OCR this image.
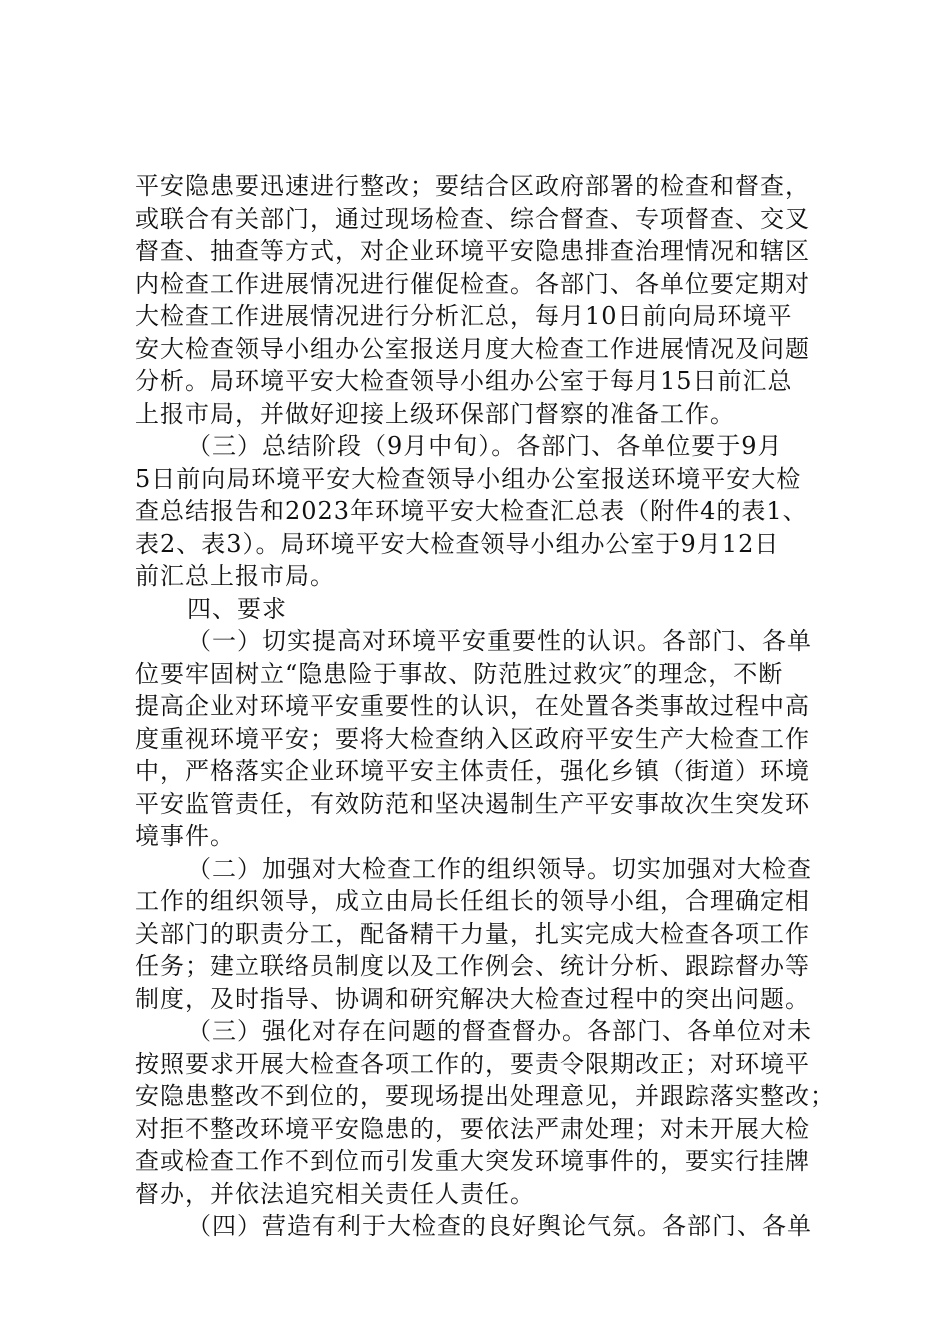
平安隐患要迅速进行整改；要结合区政府部署的检查和督查，
或联合有关部门，通过现场检查、综合督查、专项督查、交叉
督查、抽查等方式，对企业环境平安隐患排查治理情况和辖区
内检查工作进展情况进行催促检查。各部门、各单位要定期对
大检查工作进展情况进行分析汇总，每月10日前向局环境平
安大检查领导小组办公室报送月度大检查工作进展情况及问题
分析。局环境平安大检查领导小组办公室于每月15日前汇总
上报市局，并做好迎接上级环保部门督察的准备工作。
（三）总结阶段（9月中旬）。各部门、各单位要于9月
5日前向局环境平安大检查领导小组办公室报送环境平安大检
查总结报告和2023年环境平安大检查汇总表（附件4的表1、
表2、表3）。局环境平安大检查领导小组办公室于9月12日
前汇总上报市局。
四、要求
（一）切实提高对环境平安重要性的认识。各部门、各单
位要牢固树立“隐患险于事故、防范胜过救灾″的理念，不断
提高企业对环境平安重要性的认识，在处置各类事故过程中高
度重视环境平安；要将大检查纳入区政府平安生产大检查工作
中，严格落实企业环境平安主体责任，强化乡镇（街道）环境
平安监管责任，有效防范和坚决遏制生产平安事故次生突发环
境事件。
（二）加强对大检查工作的组织领导。切实加强对大检查
工作的组织领导，成立由局长任组长的领导小组，合理确定相
关部门的职责分工，配备精干力量，扎实完成大检查各项工作
任务；建立联络员制度以及工作例会、统计分析、跟踪督办等
制度，及时指导、协调和研究解决大检查过程中的突出问题。
（三）强化对存在问题的督查督办。各部门、各单位对未
按照要求开展大检查各项工作的，要责令限期改正；对环境平
安隐患整改不到位的，要现场提出处理意见，并跟踪落实整改；
对拒不整改环境平安隐患的，要依法严肃处理；对未开展大检
查或检查工作不到位而引发重大突发环境事件的，要实行挂牌
督办，并依法追究相关责任人责任。
（四）营造有利于大检查的良好舆论气氛。各部门、各单
